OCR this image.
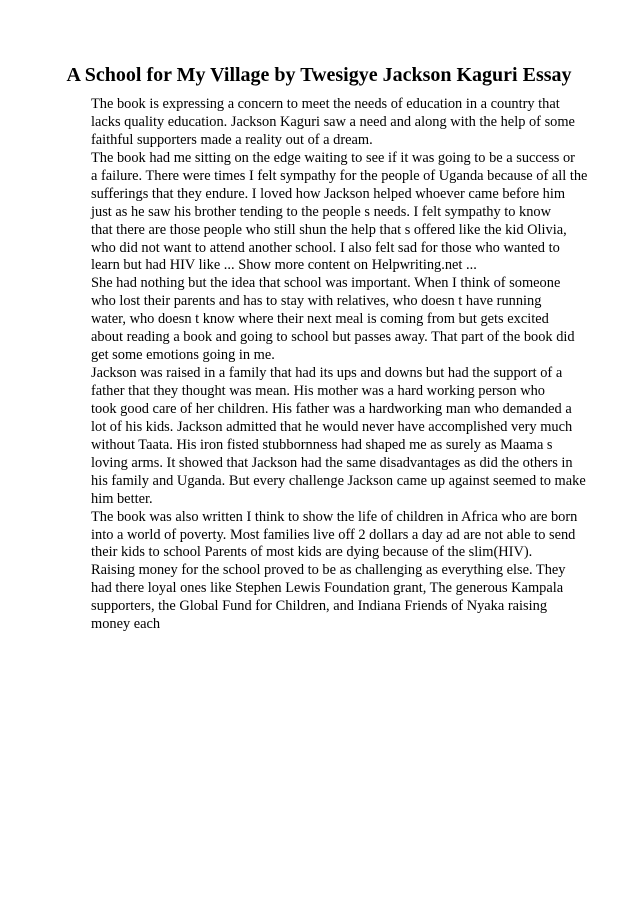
A School for My Village by Twesigye Jackson Kaguri Essay
The book is expressing a concern to meet the needs of education in a country that
lacks quality education. Jackson Kaguri saw a need and along with the help of some
faithful supporters made a reality out of a dream.
The book had me sitting on the edge waiting to see if it was going to be a success or
a failure. There were times I felt sympathy for the people of Uganda because of all the
sufferings that they endure. I loved how Jackson helped whoever came before him
just as he saw his brother tending to the people s needs. I felt sympathy to know
that there are those people who still shun the help that s offered like the kid Olivia,
who did not want to attend another school. I also felt sad for those who wanted to
learn but had HIV like ... Show more content on Helpwriting.net ...
She had nothing but the idea that school was important. When I think of someone
who lost their parents and has to stay with relatives, who doesn t have running
water, who doesn t know where their next meal is coming from but gets excited
about reading a book and going to school but passes away. That part of the book did
get some emotions going in me.
Jackson was raised in a family that had its ups and downs but had the support of a
father that they thought was mean. His mother was a hard working person who
took good care of her children. His father was a hardworking man who demanded a
lot of his kids. Jackson admitted that he would never have accomplished very much
without Taata. His iron fisted stubbornness had shaped me as surely as Maama s
loving arms. It showed that Jackson had the same disadvantages as did the others in
his family and Uganda. But every challenge Jackson came up against seemed to make
him better.
The book was also written I think to show the life of children in Africa who are born
into a world of poverty. Most families live off 2 dollars a day ad are not able to send
their kids to school Parents of most kids are dying because of the slim(HIV).
Raising money for the school proved to be as challenging as everything else. They
had there loyal ones like Stephen Lewis Foundation grant, The generous Kampala
supporters, the Global Fund for Children, and Indiana Friends of Nyaka raising
money each
